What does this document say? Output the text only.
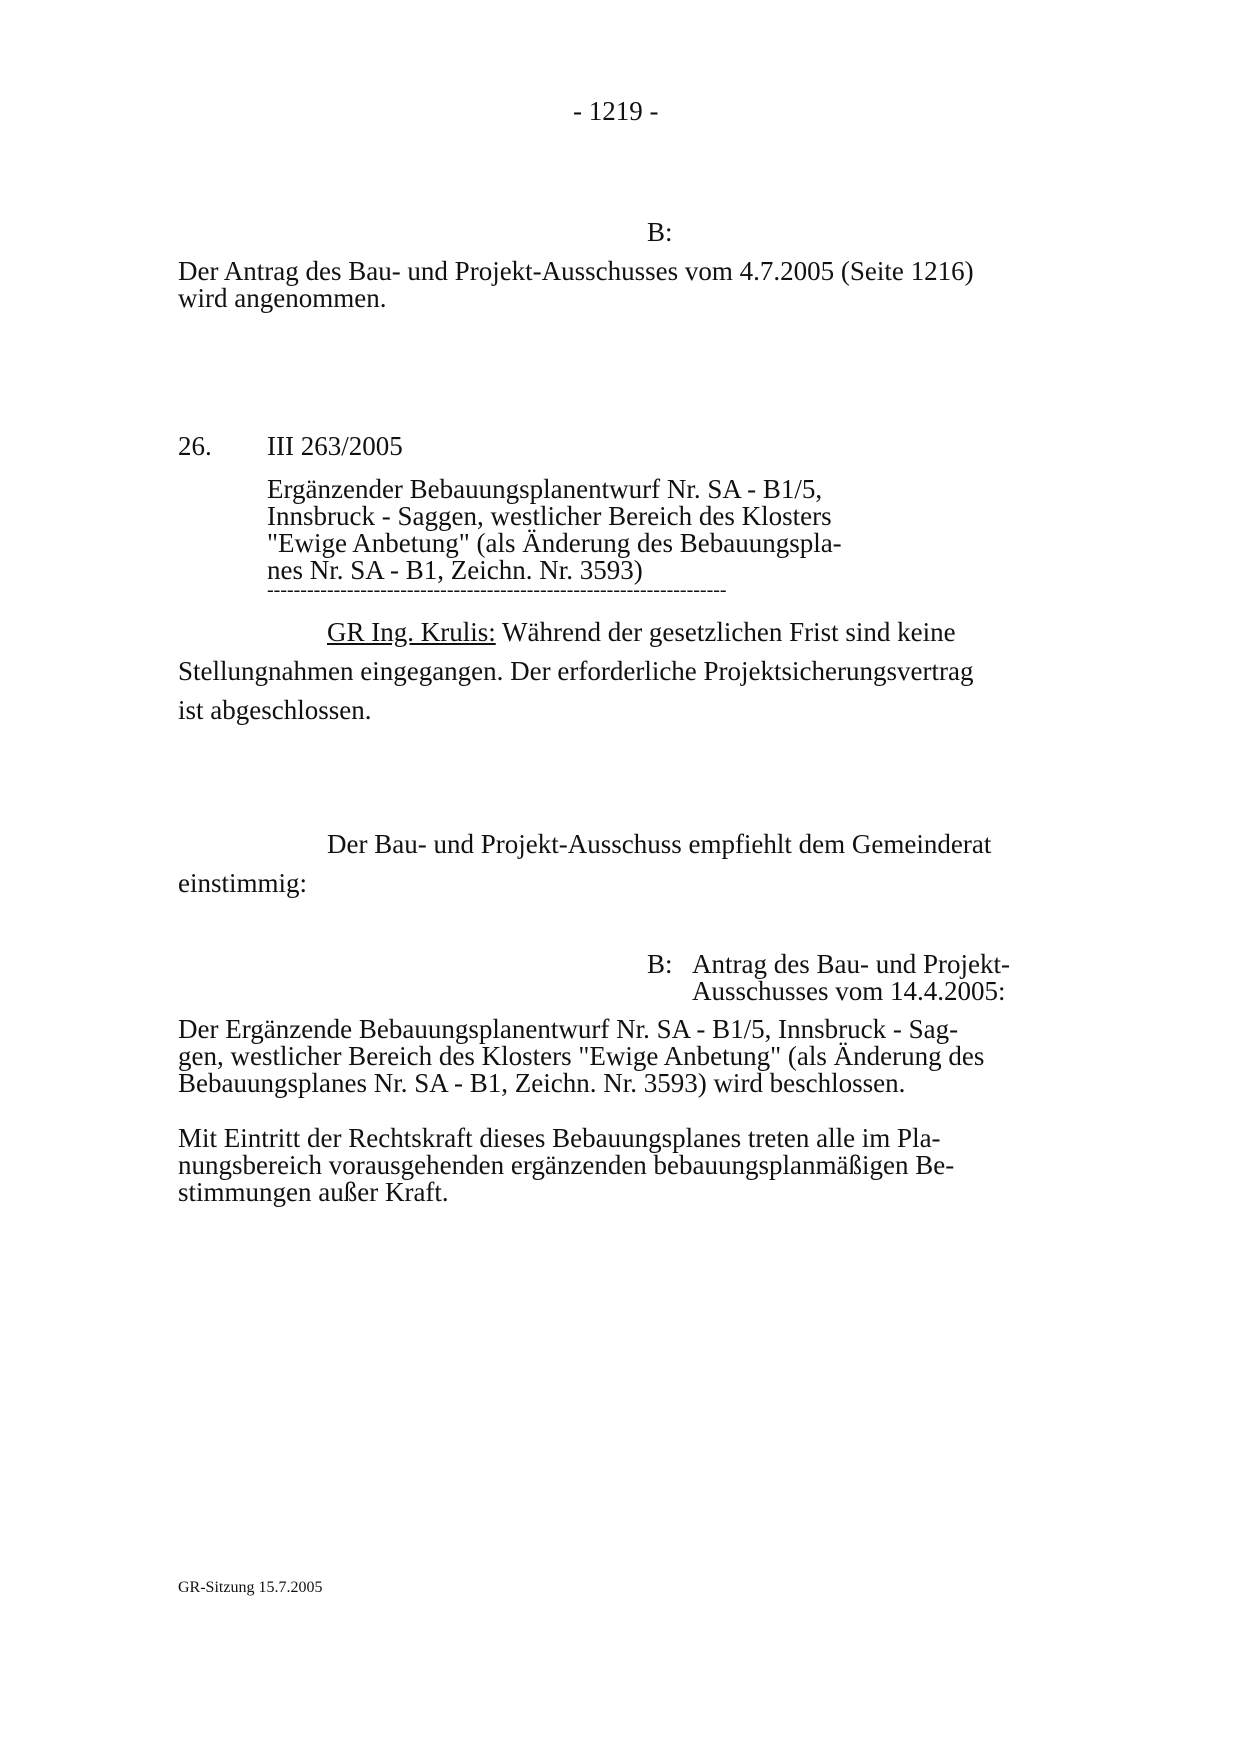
- 1219 -
B:
Der Antrag des Bau- und Projekt-Ausschusses vom 4.7.2005 (Seite 1216)
wird angenommen.
26. III 263/2005
Ergänzender Bebauungsplanentwurf Nr. SA - B1/5,
Innsbruck - Saggen, westlicher Bereich des Klosters
"Ewige Anbetung" (als Änderung des Bebauungspla-
nes Nr. SA - B1, Zeichn. Nr. 3593)
---------------------------------------------------------------------
GR Ing. Krulis: Während der gesetzlichen Frist sind keine
Stellungnahmen eingegangen. Der erforderliche Projektsicherungsvertrag
ist abgeschlossen.
Der Bau- und Projekt-Ausschuss empfiehlt dem Gemeinderat
einstimmig:
B: Antrag des Bau- und Projekt-
Ausschusses vom 14.4.2005:
Der Ergänzende Bebauungsplanentwurf Nr. SA - B1/5, Innsbruck - Sag-
gen, westlicher Bereich des Klosters "Ewige Anbetung" (als Änderung des
Bebauungsplanes Nr. SA - B1, Zeichn. Nr. 3593) wird beschlossen.
Mit Eintritt der Rechtskraft dieses Bebauungsplanes treten alle im Pla-
nungsbereich vorausgehenden ergänzenden bebauungsplanmäßigen Be-
stimmungen außer Kraft.
GR-Sitzung 15.7.2005
